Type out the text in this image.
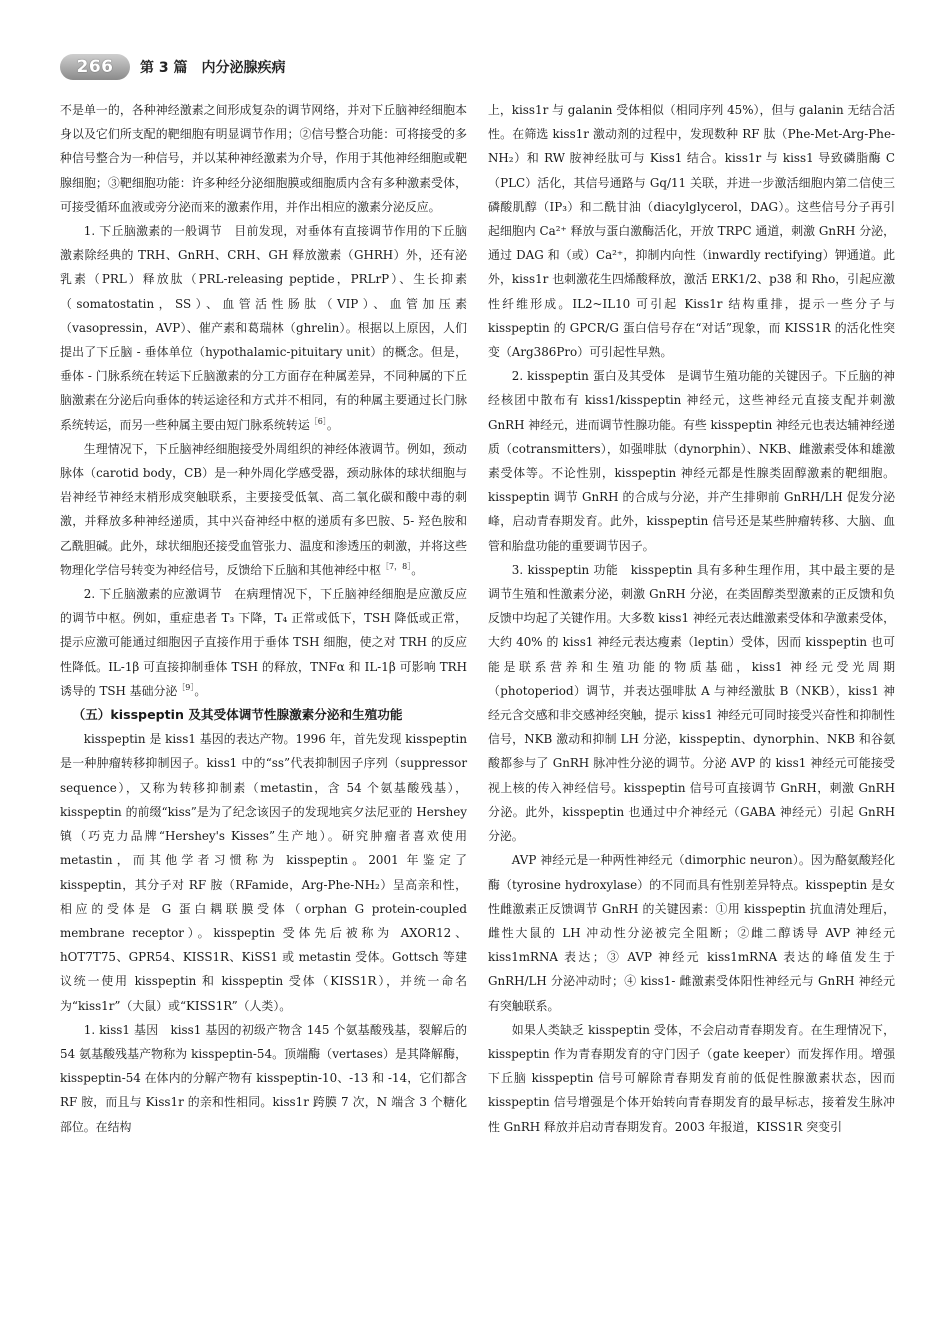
266	第 3 篇　内分泌腺疾病

不是单一的，各种神经激素之间形成复杂的调节网络，并对下丘脑神经细胞本身以及它们所支配的靶细胞有明显调节作用；②信号整合功能：可将接受的多种信号整合为一种信号，并以某种神经激素为介导，作用于其他神经细胞或靶腺细胞；③靶细胞功能：许多种经分泌细胞膜或细胞质内含有多种激素受体，可接受循环血液或旁分泌而来的激素作用，并作出相应的激素分泌反应。

1. 下丘脑激素的一般调节　目前发现，对垂体有直接调节作用的下丘脑激素除经典的 TRH、GnRH、CRH、GH 释放激素（GHRH）外，还有泌乳素（PRL）释放肽（PRL-releasing peptide，PRLrP）、生长抑素（somatostatin，SS）、血管活性肠肽（VIP）、血管加压素（vasopressin，AVP）、催产素和葛瑞林（ghrelin）。根据以上原因，人们提出了下丘脑 - 垂体单位（hypothalamic-pituitary unit）的概念。但是，垂体 - 门脉系统在转运下丘脑激素的分工方面存在种属差异，不同种属的下丘脑激素在分泌后向垂体的转运途径和方式并不相同，有的种属主要通过长门脉系统转运，而另一些种属主要由短门脉系统转运$^{[6]}$。

生理情况下，下丘脑神经细胞接受外周组织的神经体液调节。例如，颈动脉体（carotid body，CB）是一种外周化学感受器，颈动脉体的球状细胞与岩神经节神经末梢形成突触联系，主要接受低氧、高二氧化碳和酸中毒的刺激，并释放多种神经递质，其中兴奋神经中枢的递质有多巴胺、5- 羟色胺和乙酰胆碱。此外，球状细胞还接受血管张力、温度和渗透压的刺激，并将这些物理化学信号转变为神经信号，反馈给下丘脑和其他神经中枢$^{[7,8]}$。

2. 下丘脑激素的应激调节　在病理情况下，下丘脑神经细胞是应激反应的调节中枢。例如，重症患者 T₃ 下降，T₄ 正常或低下，TSH 降低或正常，提示应激可能通过细胞因子直接作用于垂体 TSH 细胞，使之对 TRH 的反应性降低。IL-1β 可直接抑制垂体 TSH 的释放，TNFα 和 IL-1β 可影响 TRH 诱导的 TSH 基础分泌$^{[9]}$。

（五）kisspeptin 及其受体调节性腺激素分泌和生殖功能

kisspeptin 是 kiss1 基因的表达产物。1996 年，首先发现 kisspeptin 是一种肿瘤转移抑制因子。kiss1 中的“ss”代表抑制因子序列（suppressor sequence），又称为转移抑制素（metastin，含 54 个氨基酸残基），kisspeptin 的前缀“kiss”是为了纪念该因子的发现地宾夕法尼亚的 Hershey 镇（巧克力品牌“Hershey's Kisses”生产地）。研究肿瘤者喜欢使用 metastin，而其他学者习惯称为 kisspeptin。2001 年鉴定了 kisspeptin，其分子对 RF 胺（RFamide，Arg-Phe-NH₂）呈高亲和性，相应的受体是 G 蛋白耦联膜受体（orphan G protein-coupled membrane receptor）。kisspeptin 受体先后被称为 AXOR12、hOT7T75、GPR54、KISS1R、KiSS1 或 metastin 受体。Gottsch 等建议统一使用 kisspeptin 和 kisspeptin 受体（KISS1R），并统一命名为“kiss1r”（大鼠）或“KISS1R”（人类）。

1. kiss1 基因　kiss1 基因的初级产物含 145 个氨基酸残基，裂解后的 54 氨基酸残基产物称为 kisspeptin-54。顶端酶（vertases）是其降解酶，kisspeptin-54 在体内的分解产物有 kisspeptin-10、-13 和 -14，它们都含 RF 胺，而且与 Kiss1r 的亲和性相同。kiss1r 跨膜 7 次，N 端含 3 个糖化部位。在结构

上，kiss1r 与 galanin 受体相似（相同序列 45%），但与 galanin 无结合活性。在筛选 kiss1r 激动剂的过程中，发现数种 RF 肽（Phe-Met-Arg-Phe-NH₂）和 RW 胺神经肽可与 Kiss1 结合。kiss1r 与 kiss1 导致磷脂酶 C（PLC）活化，其信号通路与 Gq/11 关联，并进一步激活细胞内第二信使三磷酸肌醇（IP₃）和二酰甘油（diacylglycerol，DAG）。这些信号分子再引起细胞内 Ca²⁺ 释放与蛋白激酶活化，开放 TRPC 通道，刺激 GnRH 分泌，通过 DAG 和（或）Ca²⁺，抑制内向性（inwardly rectifying）钾通道。此外，kiss1r 也刺激花生四烯酸释放，激活 ERK1/2、p38 和 Rho，引起应激性纤维形成。IL2~IL10 可引起 Kiss1r 结构重排，提示一些分子与 kisspeptin 的 GPCR/G 蛋白信号存在“对话”现象，而 KISS1R 的活化性突变（Arg386Pro）可引起性早熟。

2. kisspeptin 蛋白及其受体　是调节生殖功能的关键因子。下丘脑的神经核团中散布有 kiss1/kisspeptin 神经元，这些神经元直接支配并刺激 GnRH 神经元，进而调节性腺功能。有些 kisspeptin 神经元也表达辅神经递质（cotransmitters），如强啡肽（dynorphin）、NKB、雌激素受体和雄激素受体等。不论性别，kisspeptin 神经元都是性腺类固醇激素的靶细胞。kisspeptin 调节 GnRH 的合成与分泌，并产生排卵前 GnRH/LH 促发分泌峰，启动青春期发育。此外，kisspeptin 信号还是某些肿瘤转移、大脑、血管和胎盘功能的重要调节因子。

3. kisspeptin 功能　kisspeptin 具有多种生理作用，其中最主要的是调节生殖和性激素分泌，刺激 GnRH 分泌，在类固醇类型激素的正反馈和负反馈中均起了关键作用。大多数 kiss1 神经元表达雌激素受体和孕激素受体，大约 40% 的 kiss1 神经元表达瘦素（leptin）受体，因而 kisspeptin 也可能是联系营养和生殖功能的物质基础，kiss1 神经元受光周期（photoperiod）调节，并表达强啡肽 A 与神经激肽 B（NKB），kiss1 神经元含交感和非交感神经突触，提示 kiss1 神经元可同时接受兴奋性和抑制性信号，NKB 激动和抑制 LH 分泌，kisspeptin、dynorphin、NKB 和谷氨酸都参与了 GnRH 脉冲性分泌的调节。分泌 AVP 的 kiss1 神经元可能接受视上核的传入神经信号。kisspeptin 信号可直接调节 GnRH，刺激 GnRH 分泌。此外，kisspeptin 也通过中介神经元（GABA 神经元）引起 GnRH 分泌。

AVP 神经元是一种两性神经元（dimorphic neuron）。因为酪氨酸羟化酶（tyrosine hydroxylase）的不同而具有性别差异特点。kisspeptin 是女性雌激素正反馈调节 GnRH 的关键因素：①用 kisspeptin 抗血清处理后，雌性大鼠的 LH 冲动性分泌被完全阻断；②雌二醇诱导 AVP 神经元 kiss1mRNA 表达；③ AVP 神经元 kiss1mRNA 表达的峰值发生于 GnRH/LH 分泌冲动时；④ kiss1- 雌激素受体阳性神经元与 GnRH 神经元有突触联系。

如果人类缺乏 kisspeptin 受体，不会启动青春期发育。在生理情况下，kisspeptin 作为青春期发育的守门因子（gate keeper）而发挥作用。增强下丘脑 kisspeptin 信号可解除青春期发育前的低促性腺激素状态，因而 kisspeptin 信号增强是个体开始转向青春期发育的最早标志，接着发生脉冲性 GnRH 释放并启动青春期发育。2003 年报道，KISS1R 突变引
